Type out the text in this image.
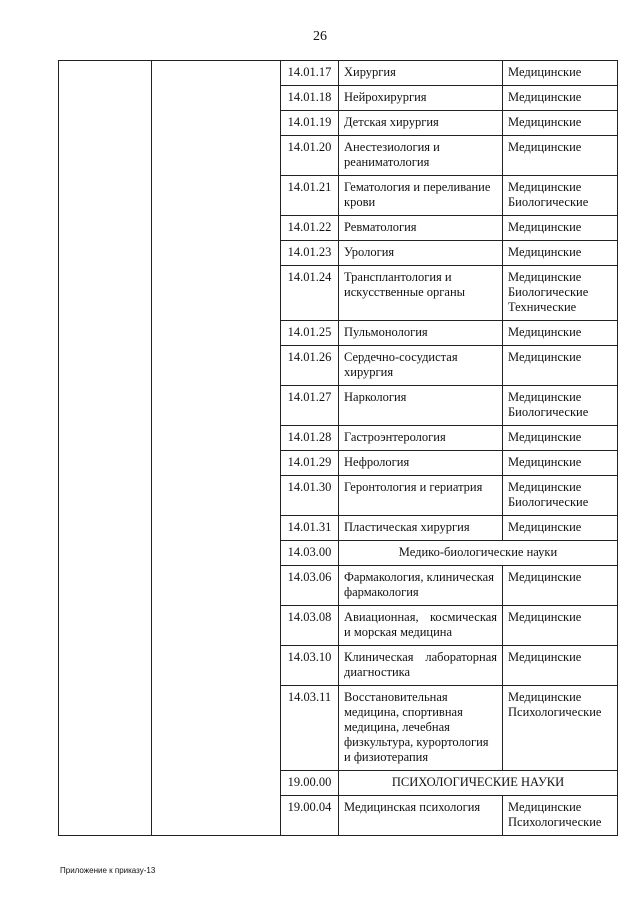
26
		14.01.17	Хирургия	Медицинские

		14.01.18	Нейрохирургия	Медицинские

		14.01.19	Детская хирургия	Медицинские

		14.01.20	Анестезиология и реаниматология	Медицинские

		14.01.21	Гематология и переливание крови	Медицинские
Биологические

		14.01.22	Ревматология	Медицинские

		14.01.23	Урология	Медицинские

		14.01.24	Трансплантология и искусственные органы	Медицинские
Биологические
Технические

		14.01.25	Пульмонология	Медицинские

		14.01.26	Сердечно-сосудистая хирургия	Медицинские

		14.01.27	Наркология	Медицинские
Биологические

		14.01.28	Гастроэнтерология	Медицинские

		14.01.29	Нефрология	Медицинские

		14.01.30	Геронтология и гериатрия	Медицинские
Биологические

		14.01.31	Пластическая хирургия	Медицинские

		14.03.00	Медико-биологические науки	
		14.03.06	Фармакология, клиническая фармакология	Медицинские

		14.03.08	Авиационная, космическая и морская медицина	Медицинские

		14.03.10	Клиническая лабораторная диагностика	Медицинские

		14.03.11	Восстановительная медицина, спортивная медицина, лечебная физкультура, курортология и физиотерапия	Медицинские
Психологические

		19.00.00	ПСИХОЛОГИЧЕСКИЕ НАУКИ	
		19.00.04	Медицинская психология	Медицинские
Психологические
Приложение к приказу-13
